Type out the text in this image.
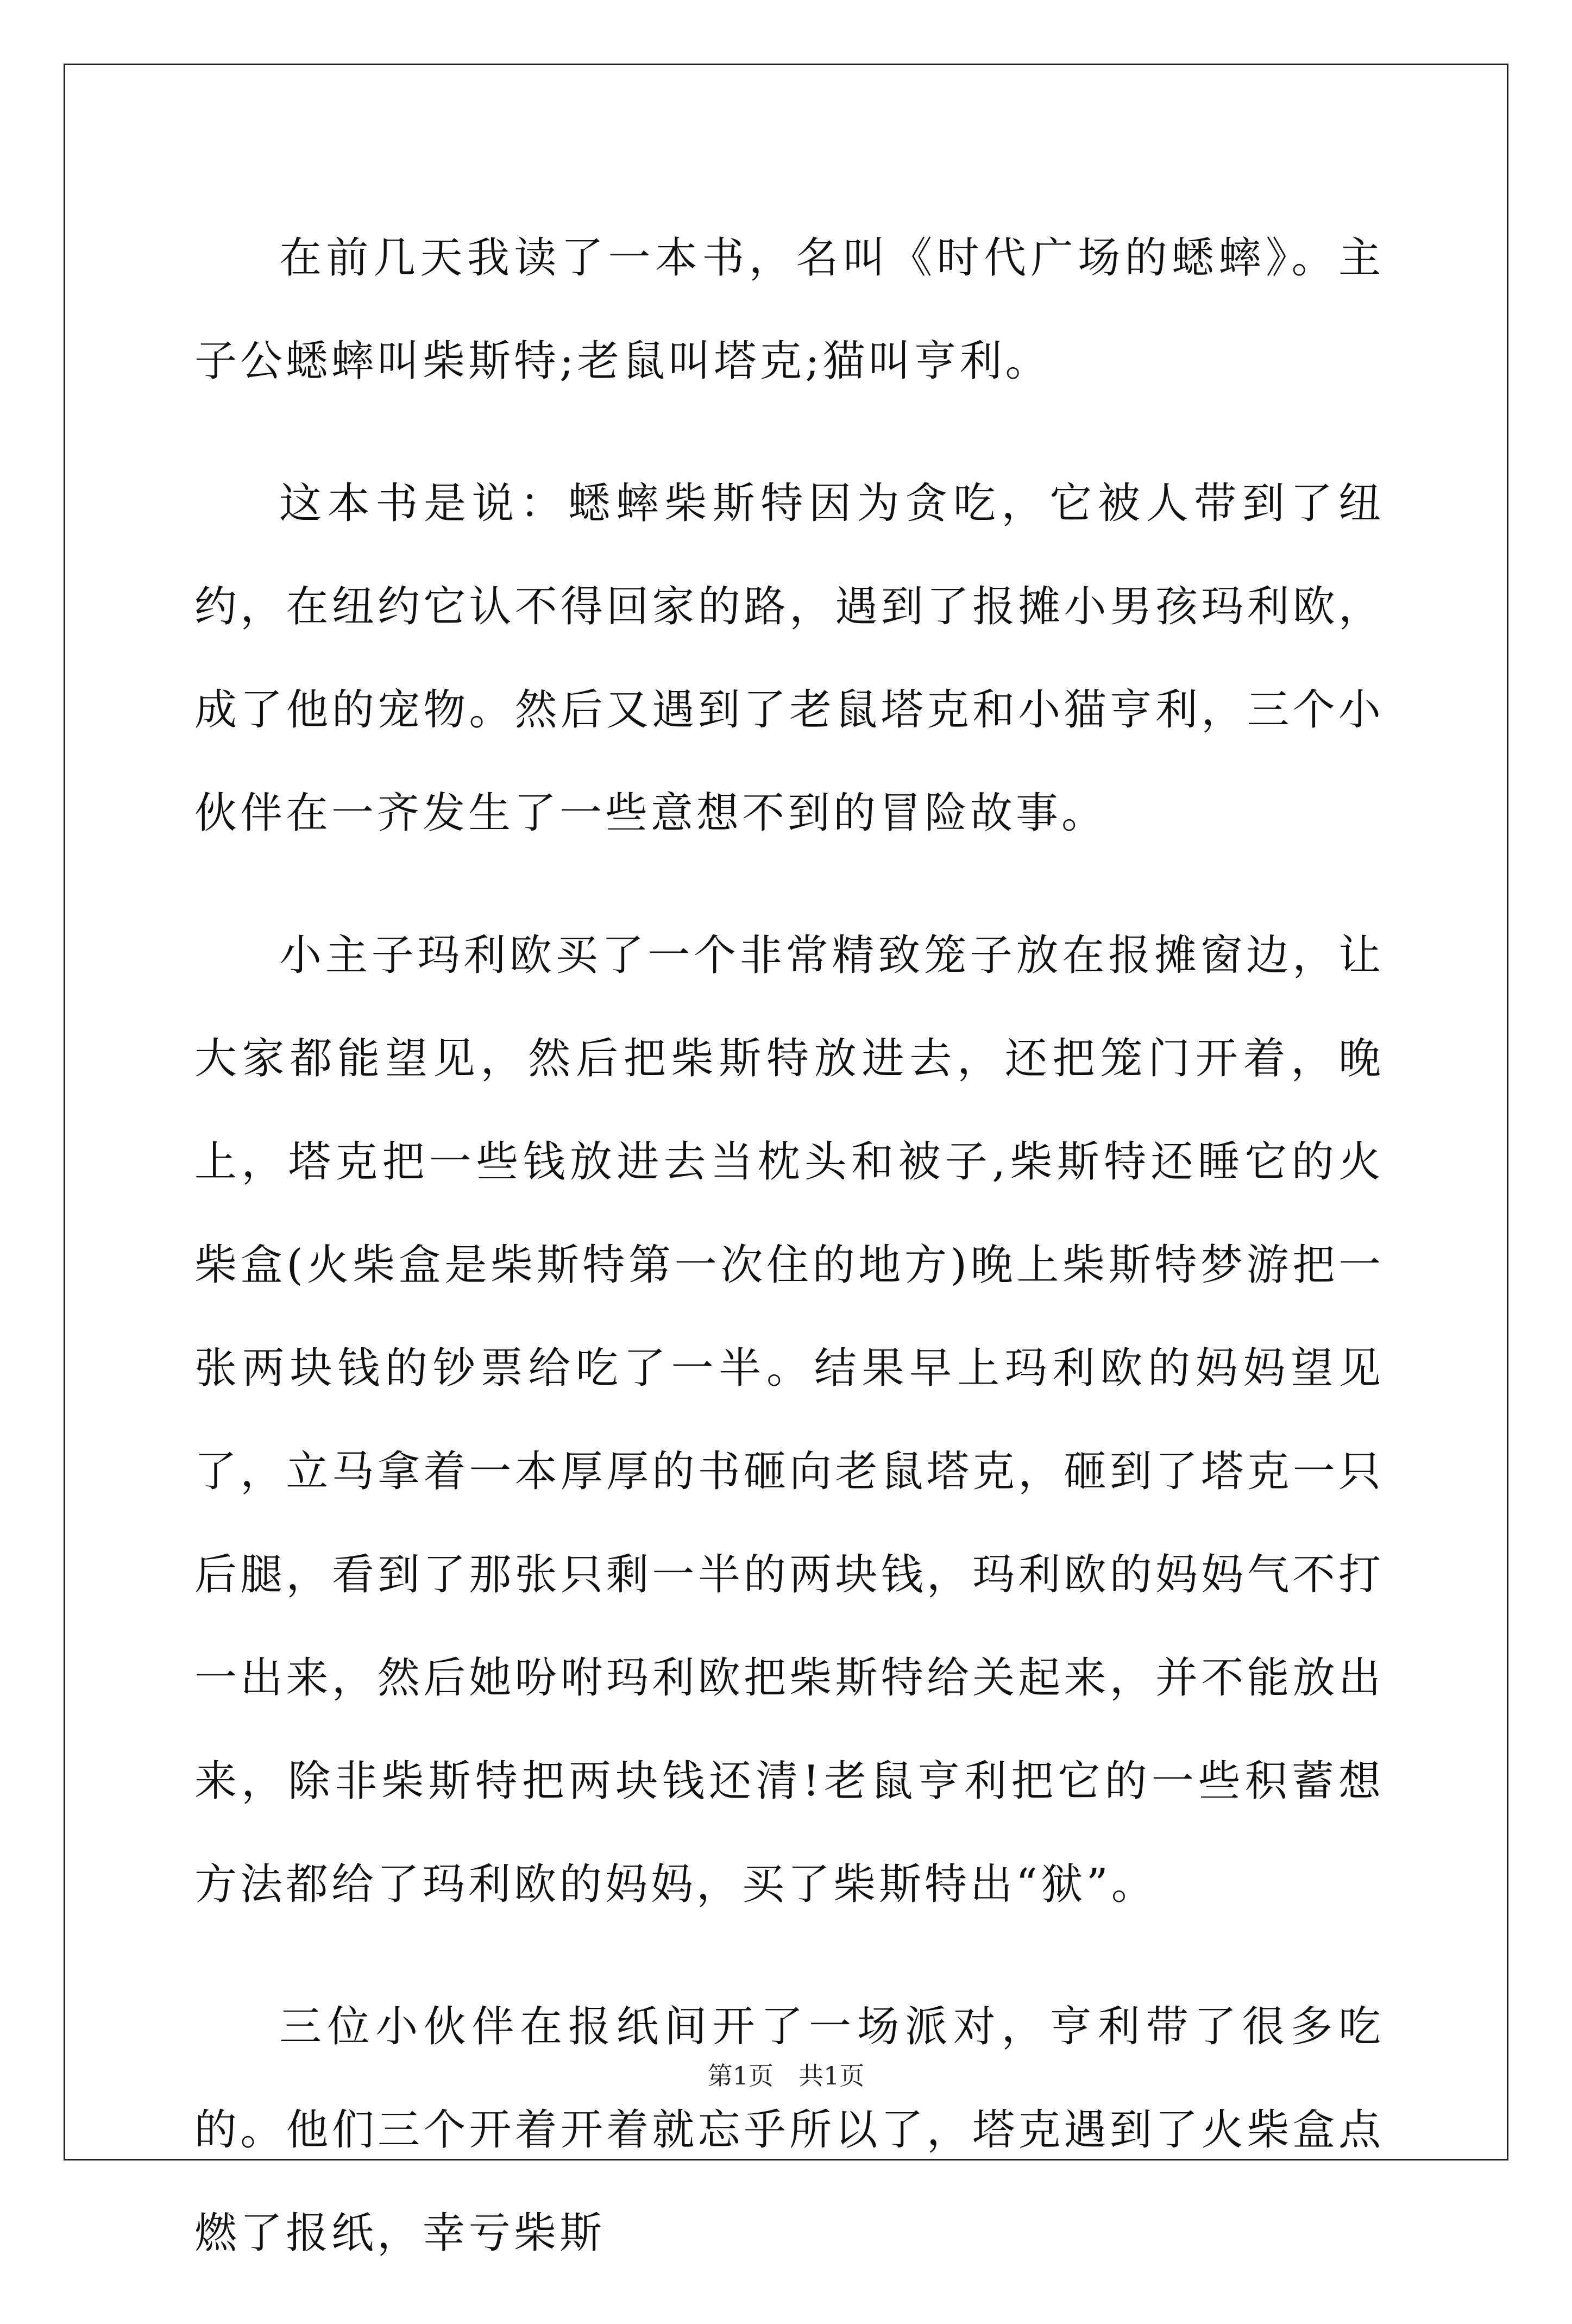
在前几天我读了一本书，名叫《时代广场的蟋蟀》。主子公蟋蟀叫柴斯特;老鼠叫塔克;猫叫亨利。

这本书是说：蟋蟀柴斯特因为贪吃，它被人带到了纽约，在纽约它认不得回家的路，遇到了报摊小男孩玛利欧，成了他的宠物。然后又遇到了老鼠塔克和小猫亨利，三个小伙伴在一齐发生了一些意想不到的冒险故事。

小主子玛利欧买了一个非常精致笼子放在报摊窗边，让大家都能望见，然后把柴斯特放进去，还把笼门开着，晚上，塔克把一些钱放进去当枕头和被子,柴斯特还睡它的火柴盒(火柴盒是柴斯特第一次住的地方)晚上柴斯特梦游把一张两块钱的钞票给吃了一半。结果早上玛利欧的妈妈望见了，立马拿着一本厚厚的书砸向老鼠塔克，砸到了塔克一只后腿，看到了那张只剩一半的两块钱，玛利欧的妈妈气不打一出来，然后她吩咐玛利欧把柴斯特给关起来，并不能放出来，除非柴斯特把两块钱还清!老鼠亨利把它的一些积蓄想方法都给了玛利欧的妈妈，买了柴斯特出“狱”。

三位小伙伴在报纸间开了一场派对，亨利带了很多吃的。他们三个开着开着就忘乎所以了，塔克遇到了火柴盒点燃了报纸，幸亏柴斯

第1页　共1页
